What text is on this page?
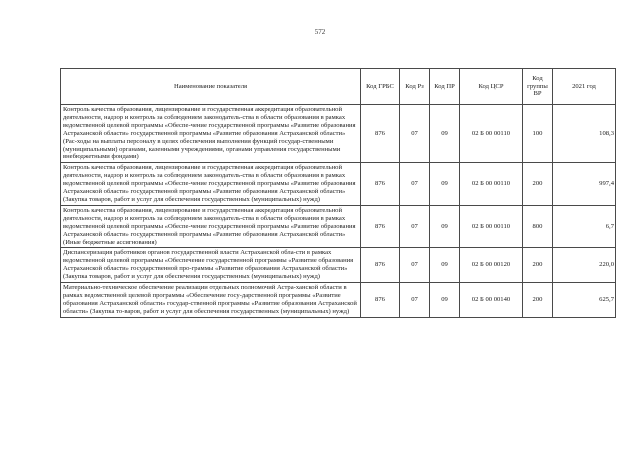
572
Наименование показателя	Код ГРБС	Код Рз	Код ПР	Код ЦСР	Код группы ВР	2021 год
Контроль качества образования, лицензирование и государственная аккредитация образовательной деятельности, надзор и контроль за соблюдением законодатель-ства в области образования в рамках ведомственной целевой программы «Обеспе-чение государственной программы «Развитие образования Астраханской области» государственной программы «Развитие образования Астраханской области» (Рас-ходы на выплаты персоналу в целях обеспечения выполнения функций государ-ственными (муниципальными) органами, казенными учреждениями, органами управления государственными внебюджетными фондами)	876	07	09	02 Б 00 00110	100	108,3
Контроль качества образования, лицензирование и государственная аккредитация образовательной деятельности, надзор и контроль за соблюдением законодатель-ства в области образования в рамках ведомственной целевой программы «Обеспе-чение государственной программы «Развитие образования Астраханской области» государственной программы «Развитие образования Астраханской области» (Закупка товаров, работ и услуг для обеспечения государственных (муниципальных) нужд)	876	07	09	02 Б 00 00110	200	997,4
Контроль качества образования, лицензирование и государственная аккредитация образовательной деятельности, надзор и контроль за соблюдением законодатель-ства в области образования в рамках ведомственной целевой программы «Обеспе-чение государственной программы «Развитие образования Астраханской области» государственной программы «Развитие образования Астраханской области» (Иные бюджетные ассигнования)	876	07	09	02 Б 00 00110	800	6,7
Диспансеризация работников органов государственной власти Астраханской обла-сти в рамках ведомственной целевой программы «Обеспечение государственной программы «Развитие образования Астраханской области» государственной про-граммы «Развитие образования Астраханской области» (Закупка товаров, работ и услуг для обеспечения государственных (муниципальных) нужд)	876	07	09	02 Б 00 00120	200	220,0
Материально-техническое обеспечение реализации отдельных полномочий Астра-ханской области в рамках ведомственной целевой программы «Обеспечение госу-дарственной программы «Развитие образования Астраханской области» государ-ственной программы «Развитие образования Астраханской области» (Закупка то-варов, работ и услуг для обеспечения государственных (муниципальных) нужд)	876	07	09	02 Б 00 00140	200	625,7
